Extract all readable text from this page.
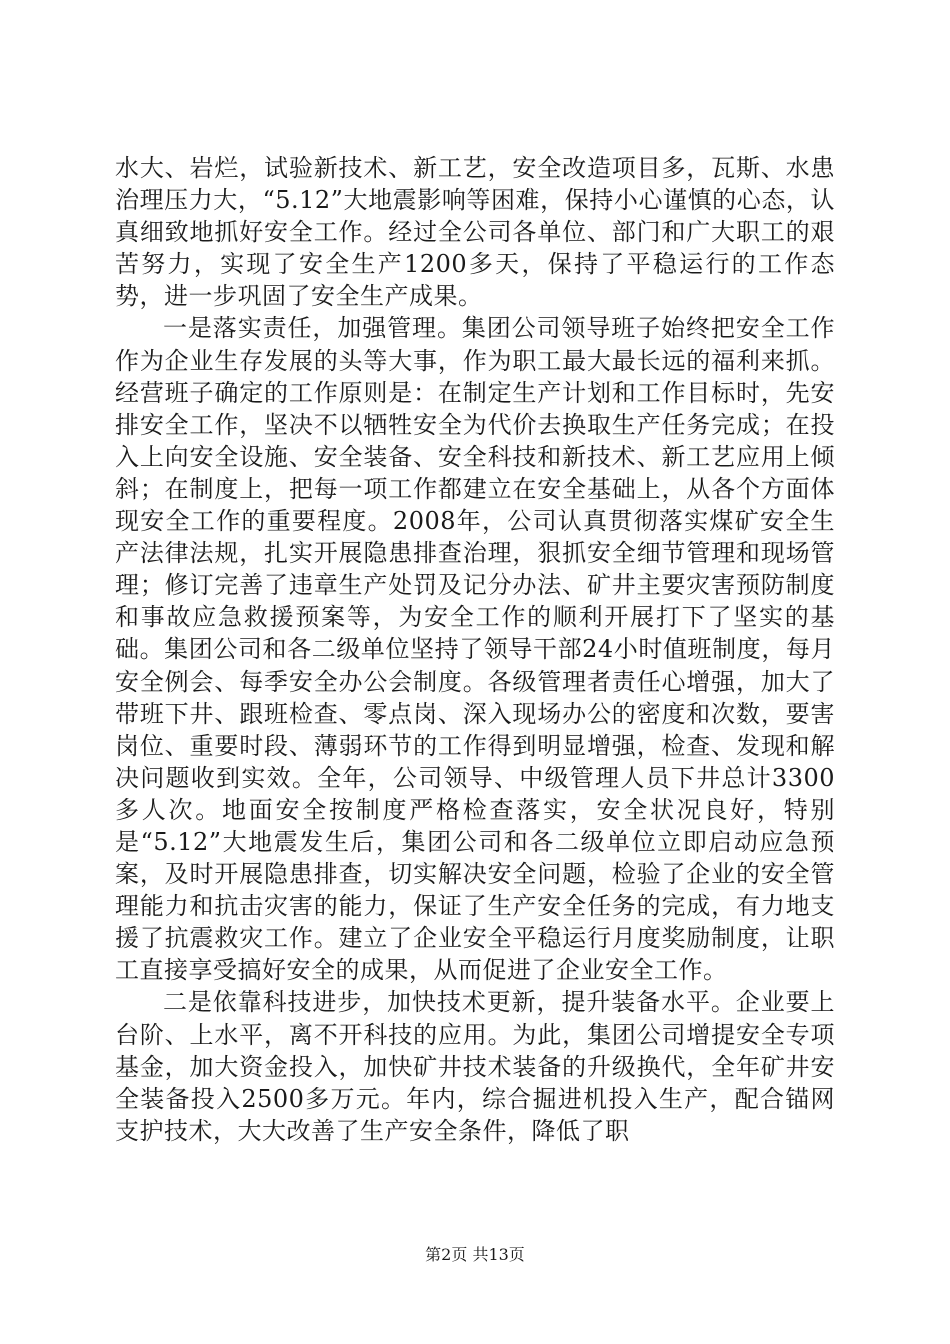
水大、岩烂，试验新技术、新工艺，安全改造项目多，瓦斯、水患治理压力大，“5.12”大地震影响等困难，保持小心谨慎的心态，认真细致地抓好安全工作。经过全公司各单位、部门和广大职工的艰苦努力，实现了安全生产1200多天，保持了平稳运行的工作态势，进一步巩固了安全生产成果。

一是落实责任，加强管理。集团公司领导班子始终把安全工作作为企业生存发展的头等大事，作为职工最大最长远的福利来抓。经营班子确定的工作原则是：在制定生产计划和工作目标时，先安排安全工作，坚决不以牺牲安全为代价去换取生产任务完成；在投入上向安全设施、安全装备、安全科技和新技术、新工艺应用上倾斜；在制度上，把每一项工作都建立在安全基础上，从各个方面体现安全工作的重要程度。2008年，公司认真贯彻落实煤矿安全生产法律法规，扎实开展隐患排查治理，狠抓安全细节管理和现场管理；修订完善了违章生产处罚及记分办法、矿井主要灾害预防制度和事故应急救援预案等，为安全工作的顺利开展打下了坚实的基础。集团公司和各二级单位坚持了领导干部24小时值班制度，每月安全例会、每季安全办公会制度。各级管理者责任心增强，加大了带班下井、跟班检查、零点岗、深入现场办公的密度和次数，要害岗位、重要时段、薄弱环节的工作得到明显增强，检查、发现和解决问题收到实效。全年，公司领导、中级管理人员下井总计3300多人次。地面安全按制度严格检查落实，安全状况良好，特别是“5.12”大地震发生后，集团公司和各二级单位立即启动应急预案，及时开展隐患排查，切实解决安全问题，检验了企业的安全管理能力和抗击灾害的能力，保证了生产安全任务的完成，有力地支援了抗震救灾工作。建立了企业安全平稳运行月度奖励制度，让职工直接享受搞好安全的成果，从而促进了企业安全工作。

二是依靠科技进步，加快技术更新，提升装备水平。企业要上台阶、上水平，离不开科技的应用。为此，集团公司增提安全专项基金，加大资金投入，加快矿井技术装备的升级换代，全年矿井安全装备投入2500多万元。年内，综合掘进机投入生产，配合锚网支护技术，大大改善了生产安全条件，降低了职

第2页 共13页
